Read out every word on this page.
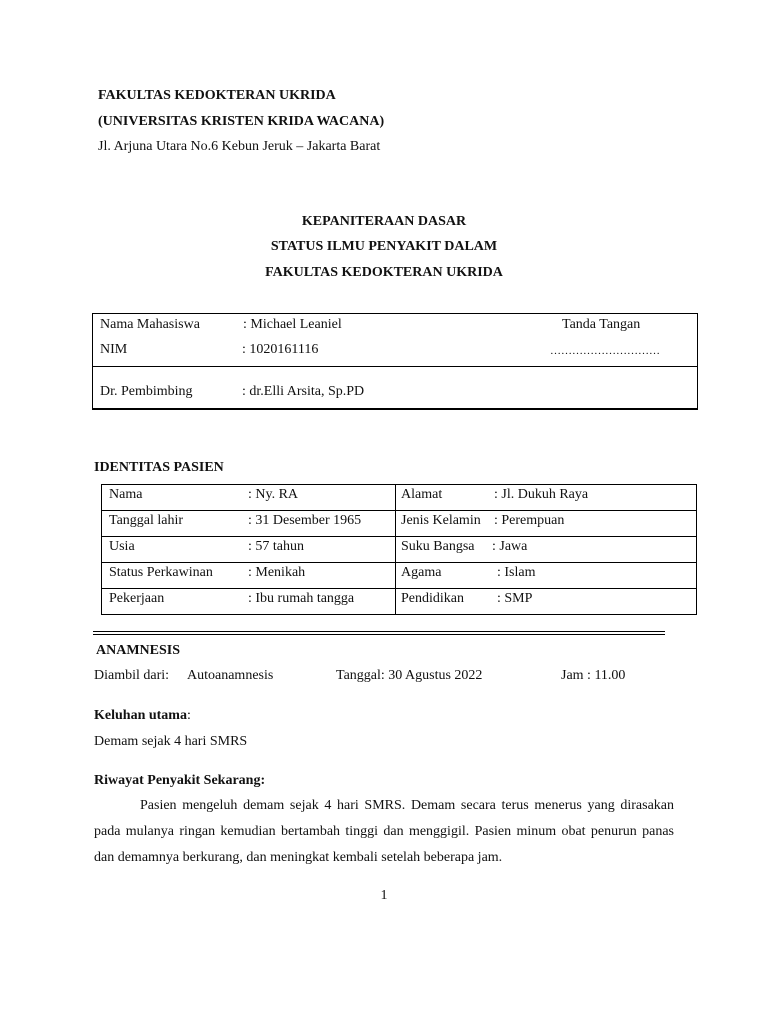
FAKULTAS KEDOKTERAN UKRIDA
(UNIVERSITAS KRISTEN KRIDA WACANA)
Jl. Arjuna Utara No.6 Kebun Jeruk – Jakarta Barat
KEPANITERAAN DASAR
STATUS ILMU PENYAKIT DALAM
FAKULTAS KEDOKTERAN UKRIDA
Nama Mahasiswa	: Michael Leaniel	Tanda Tangan
NIM	: 1020161116	…………………………
Dr. Pembimbing	: dr.Elli Arsita, Sp.PD
IDENTITAS PASIEN
Nama	: Ny. RA	Alamat	: Jl. Dukuh Raya
Tanggal lahir	: 31 Desember 1965	Jenis Kelamin : Perempuan
Usia	: 57 tahun	Suku Bangsa : Jawa
Status Perkawinan	: Menikah	Agama	: Islam
Pekerjaan	: Ibu rumah tangga	Pendidikan : SMP
ANAMNESIS
Diambil dari: Autoanamnesis	Tanggal: 30 Agustus 2022	Jam : 11.00
Keluhan utama:
Demam sejak 4 hari SMRS
Riwayat Penyakit Sekarang:
Pasien mengeluh demam sejak 4 hari SMRS. Demam secara terus menerus yang dirasakan pada mulanya ringan kemudian bertambah tinggi dan menggigil. Pasien minum obat penurun panas dan demamnya berkurang, dan meningkat kembali setelah beberapa jam.
1
